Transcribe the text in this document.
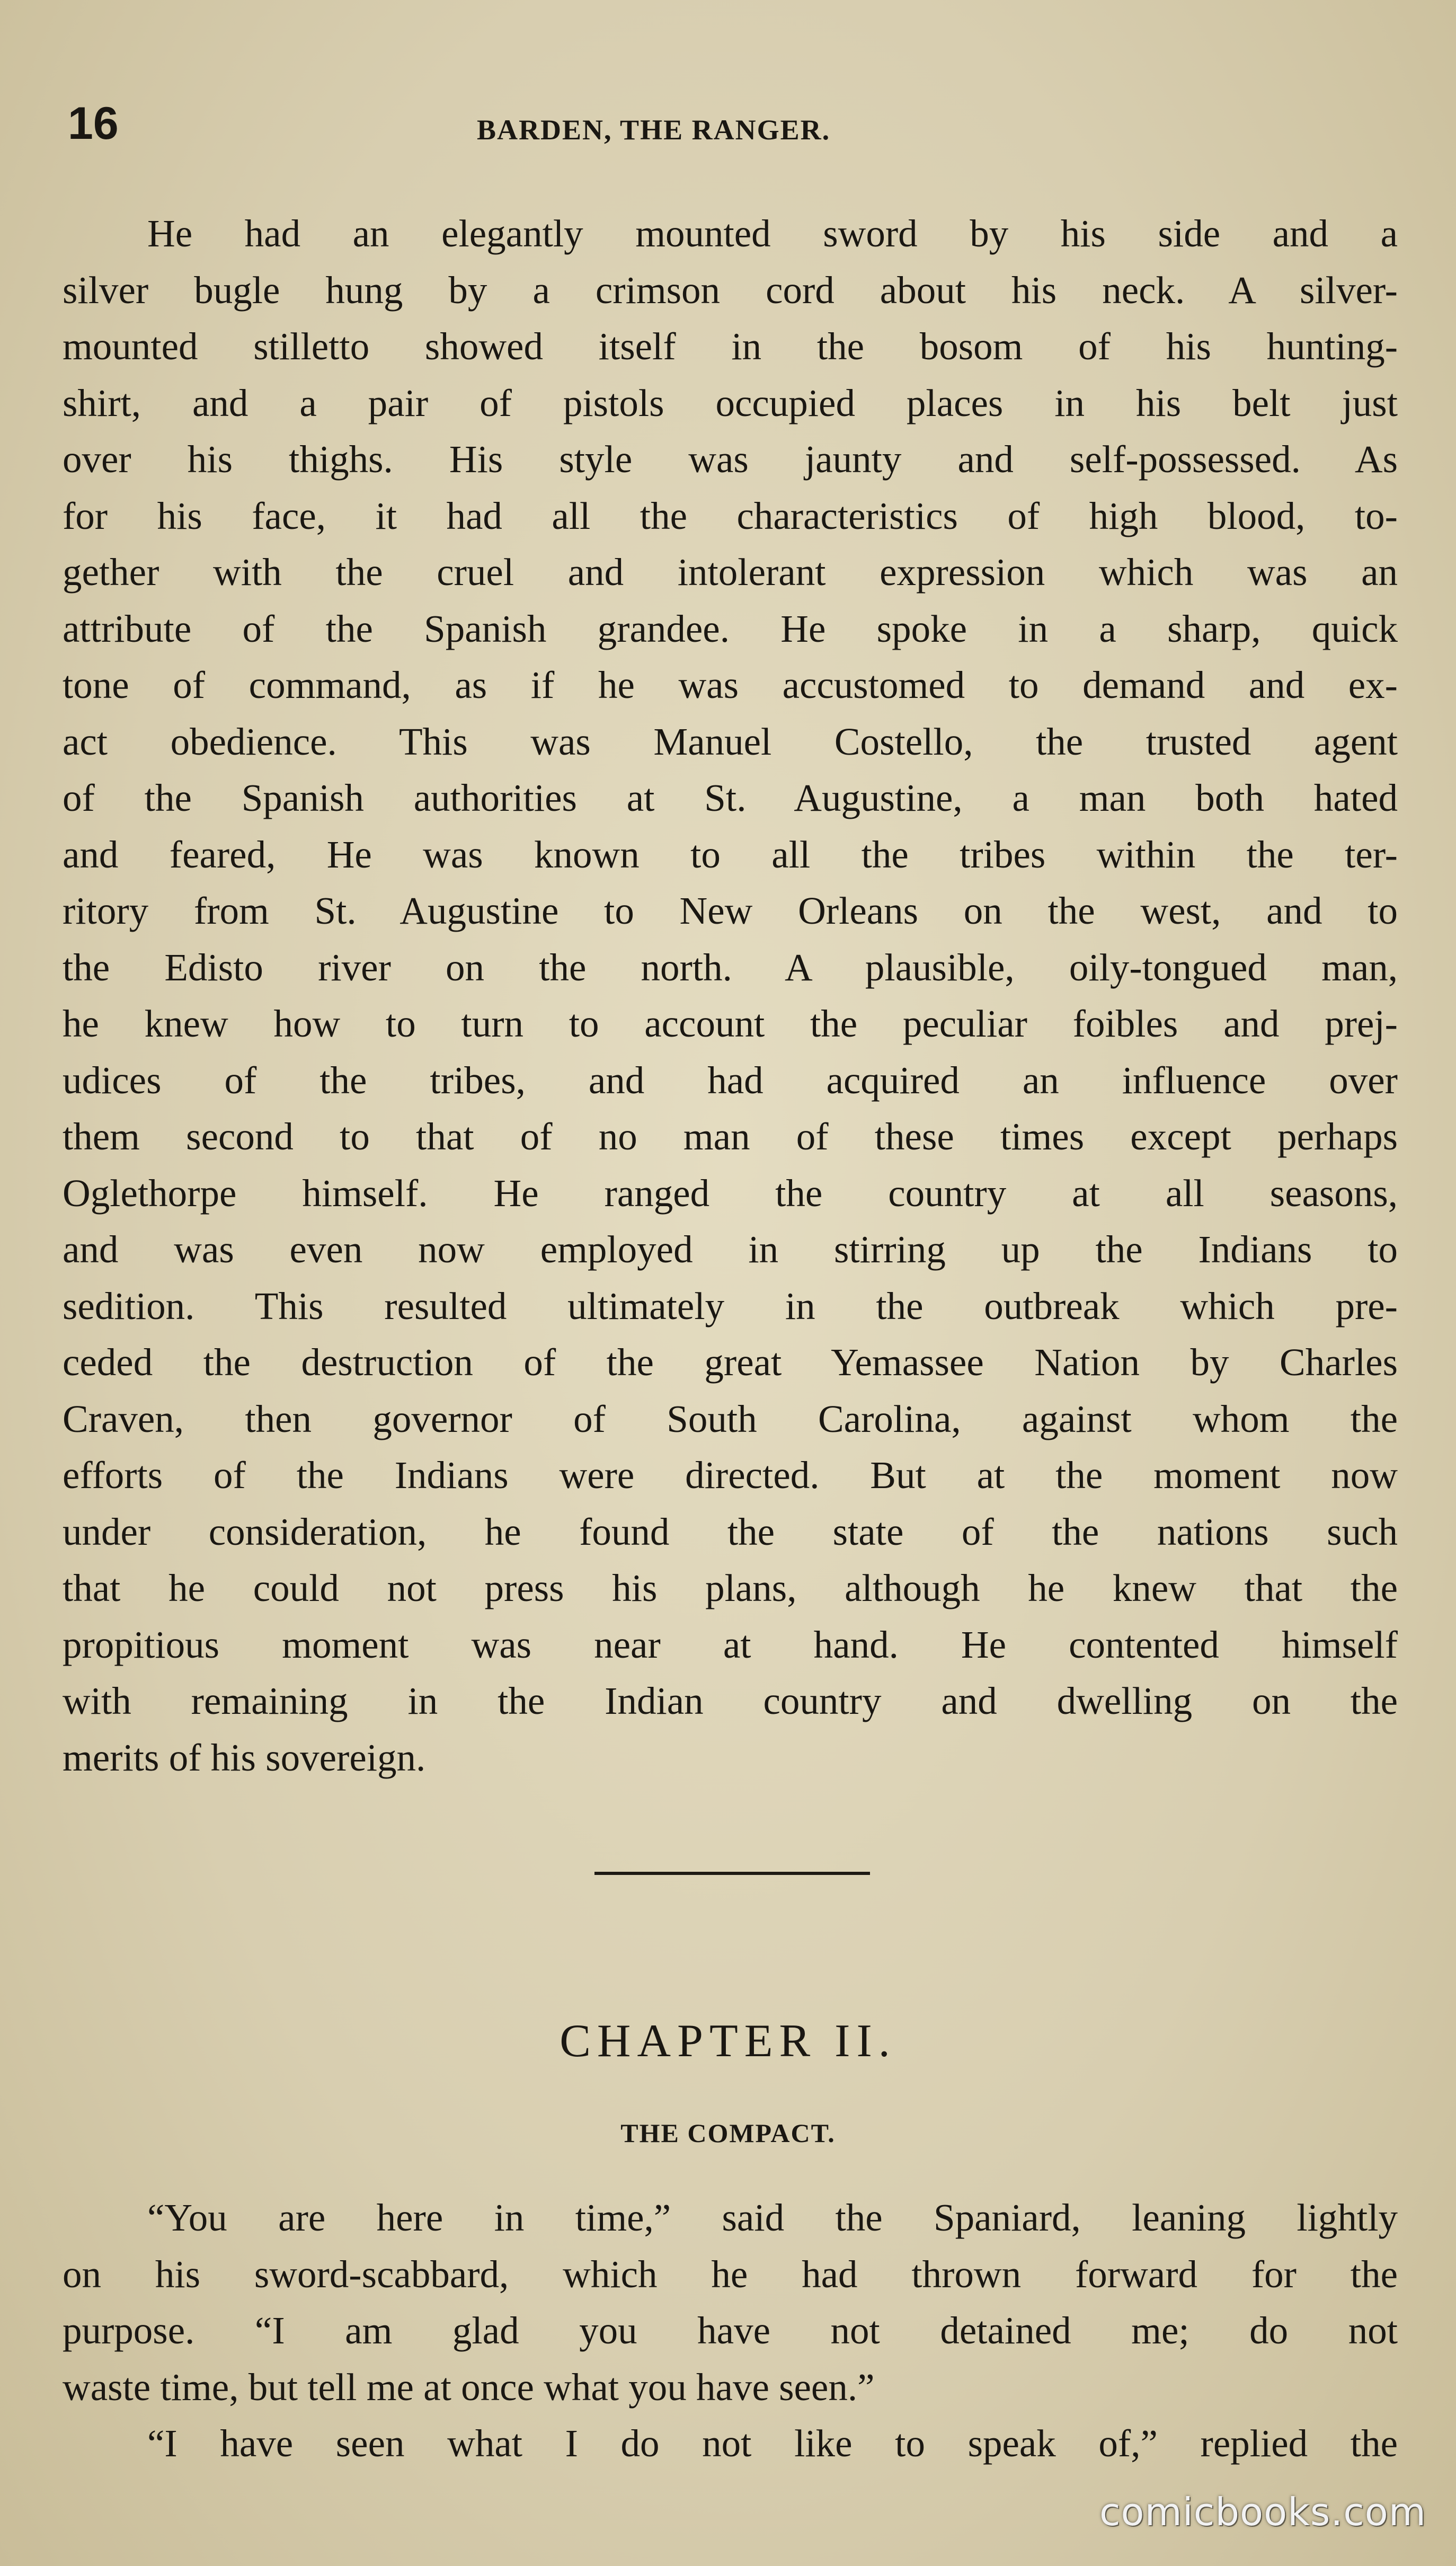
16	BARDEN, THE RANGER.
He had an elegantly mounted sword by his side and a
silver bugle hung by a crimson cord about his neck. A silver-
mounted stilletto showed itself in the bosom of his hunting-
shirt, and a pair of pistols occupied places in his belt just
over his thighs. His style was jaunty and self-possessed. As
for his face, it had all the characteristics of high blood, to-
gether with the cruel and intolerant expression which was an
attribute of the Spanish grandee. He spoke in a sharp, quick
tone of command, as if he was accustomed to demand and ex-
act obedience. This was Manuel Costello, the trusted agent
of the Spanish authorities at St. Augustine, a man both hated
and feared, He was known to all the tribes within the ter-
ritory from St. Augustine to New Orleans on the west, and to
the Edisto river on the north. A plausible, oily-tongued man,
he knew how to turn to account the peculiar foibles and prej-
udices of the tribes, and had acquired an influence over
them second to that of no man of these times except perhaps
Oglethorpe himself. He ranged the country at all seasons,
and was even now employed in stirring up the Indians to
sedition. This resulted ultimately in the outbreak which pre-
ceded the destruction of the great Yemassee Nation by Charles
Craven, then governor of South Carolina, against whom the
efforts of the Indians were directed. But at the moment now
under consideration, he found the state of the nations such
that he could not press his plans, although he knew that the
propitious moment was near at hand. He contented himself
with remaining in the Indian country and dwelling on the
merits of his sovereign.
CHAPTER II.
THE COMPACT.
“You are here in time,” said the Spaniard, leaning lightly
on his sword-scabbard, which he had thrown forward for the
purpose. “I am glad you have not detained me; do not
waste time, but tell me at once what you have seen.”
“I have seen what I do not like to speak of,” replied the
comicbooks.com
